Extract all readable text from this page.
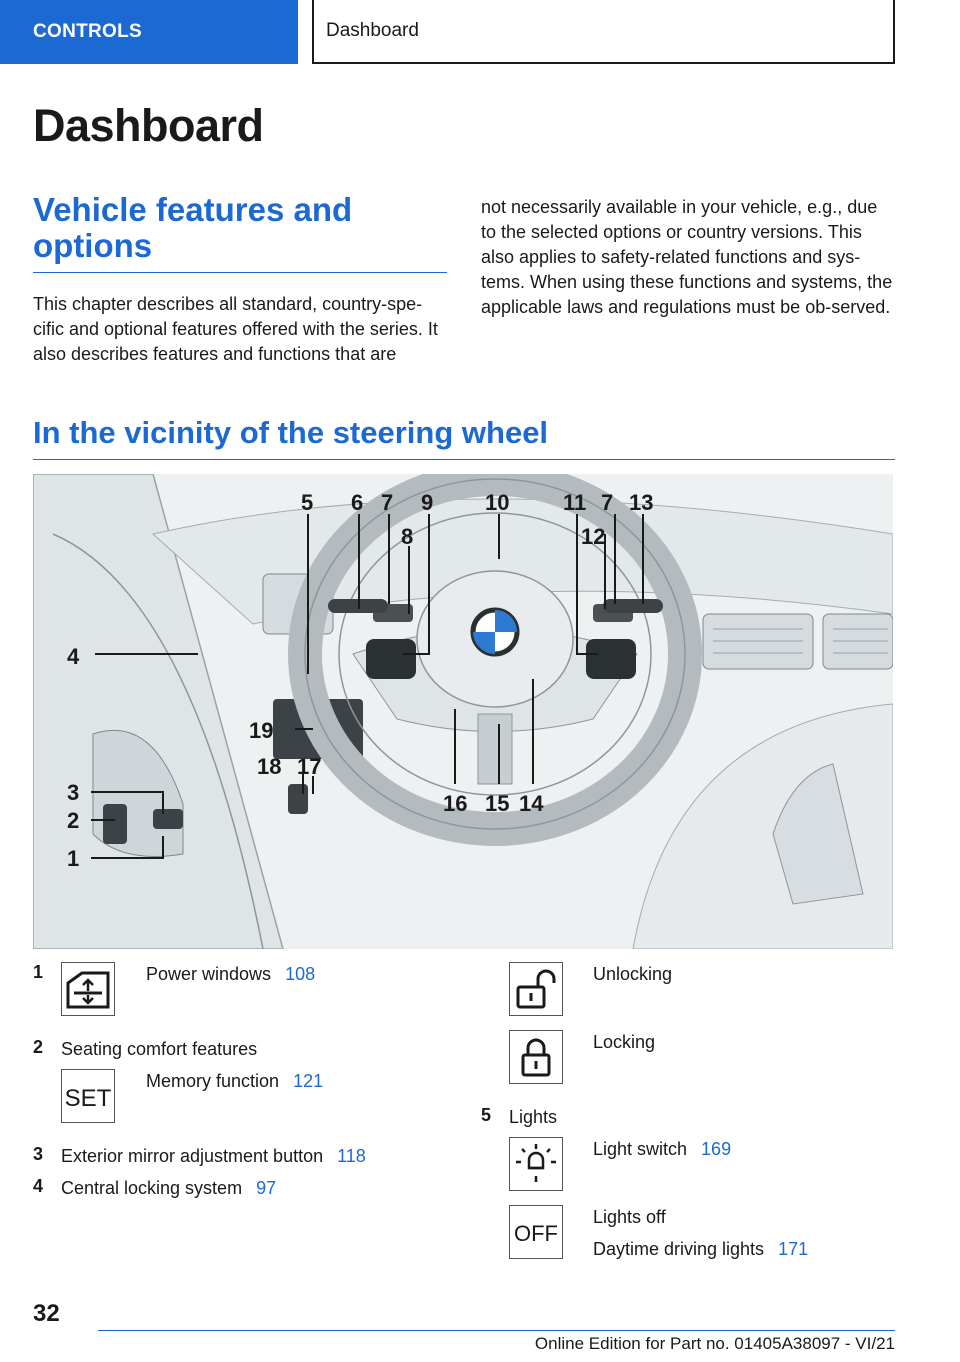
CONTROLS	Dashboard
Dashboard
Vehicle features and options

This chapter describes all standard, country-spe-cific and optional features offered with the series. It also describes features and functions that are

not necessarily available in your vehicle, e.g., due to the selected options or country versions. This also applies to safety-related functions and sys-tems. When using these functions and systems, the applicable laws and regulations must be ob-served.

In the vicinity of the steering wheel
5 6 7
8
9 10 11 7
12
13
4
19
18 17
16 15 14
3
2
1
1	Power windows 108
2 Seating comfort features
SET
Memory function 121
3 Exterior mirror adjustment button 118
4 Central locking system 97
Unlocking
Locking
5 Lights
Light switch 169
OFF
Lights off
Daytime driving lights 171
32
Online Edition for Part no. 01405A38097 - VI/21
